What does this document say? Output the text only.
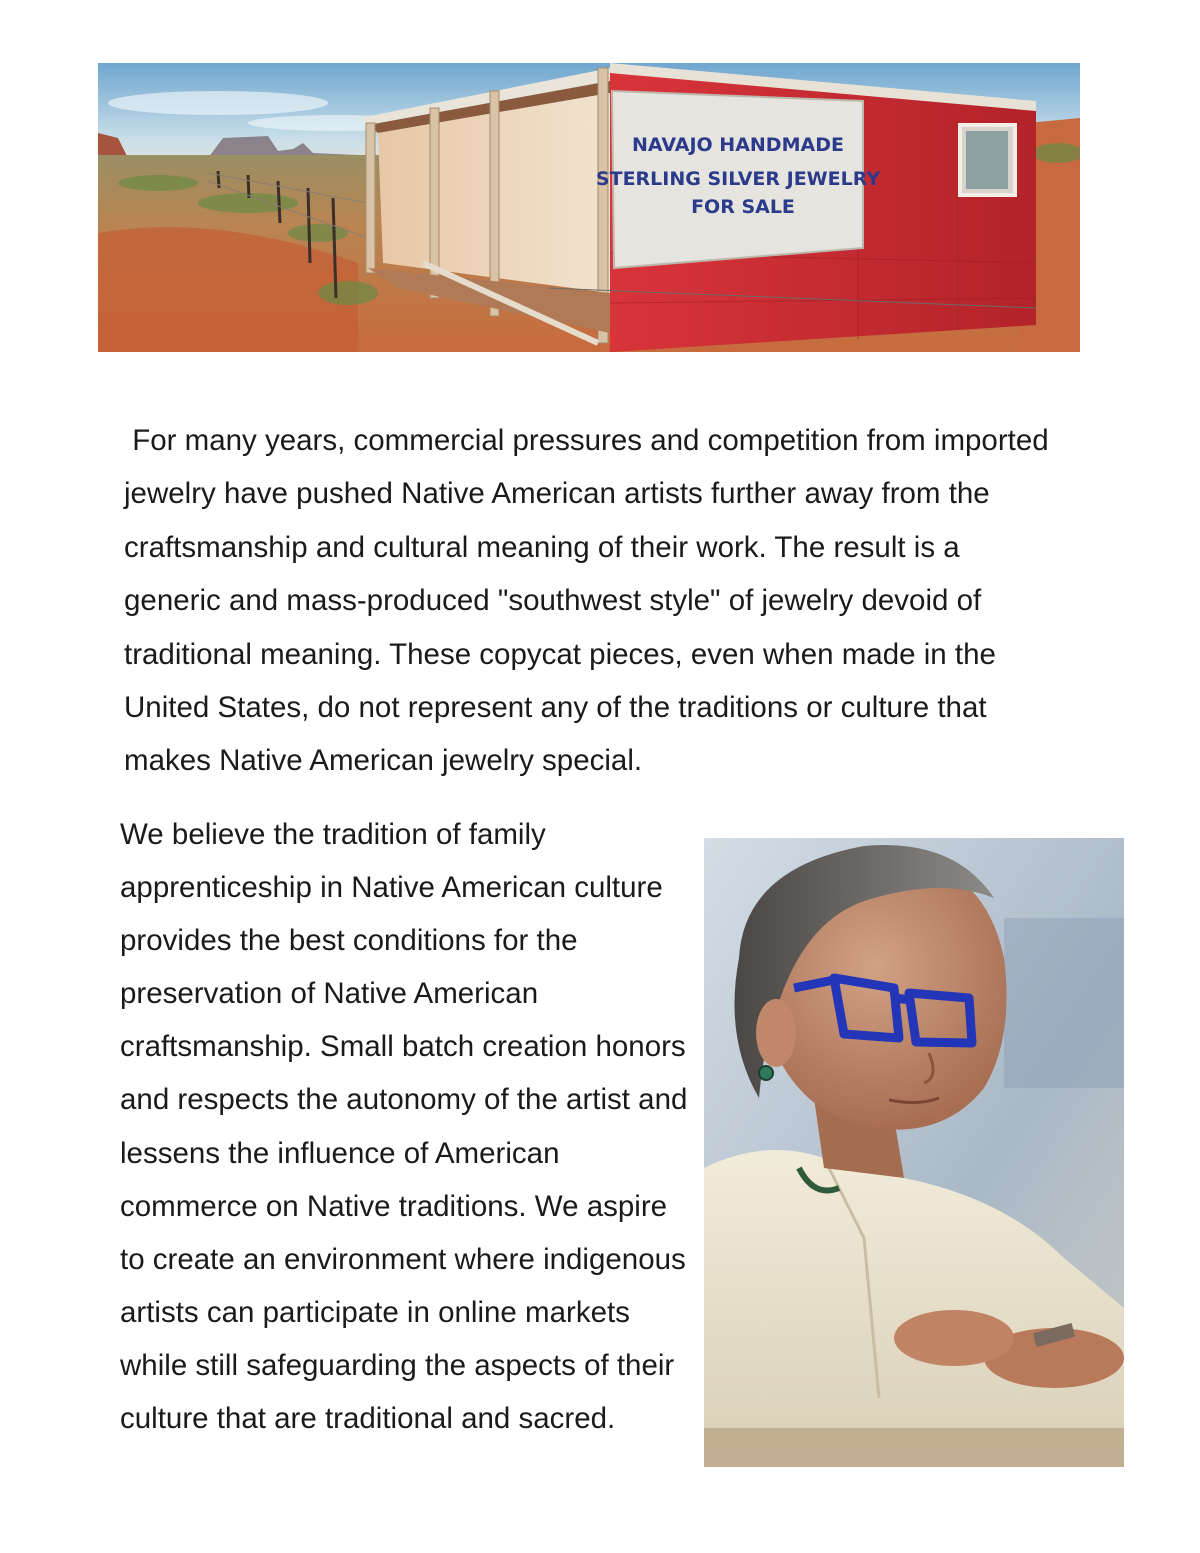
NAVAJO HANDMADE
STERLING SILVER JEWELRY
FOR SALE

For many years, commercial pressures and competition from imported jewelry have pushed Native American artists further away from the craftsmanship and cultural meaning of their work. The result is a generic and mass-produced "southwest style" of jewelry devoid of traditional meaning. These copycat pieces, even when made in the United States, do not represent any of the traditions or culture that makes Native American jewelry special.

We believe the tradition of family apprenticeship in Native American culture provides the best conditions for the preservation of Native American craftsmanship. Small batch creation honors and respects the autonomy of the artist and lessens the influence of American commerce on Native traditions. We aspire to create an environment where indigenous artists can participate in online markets while still safeguarding the aspects of their culture that are traditional and sacred.
